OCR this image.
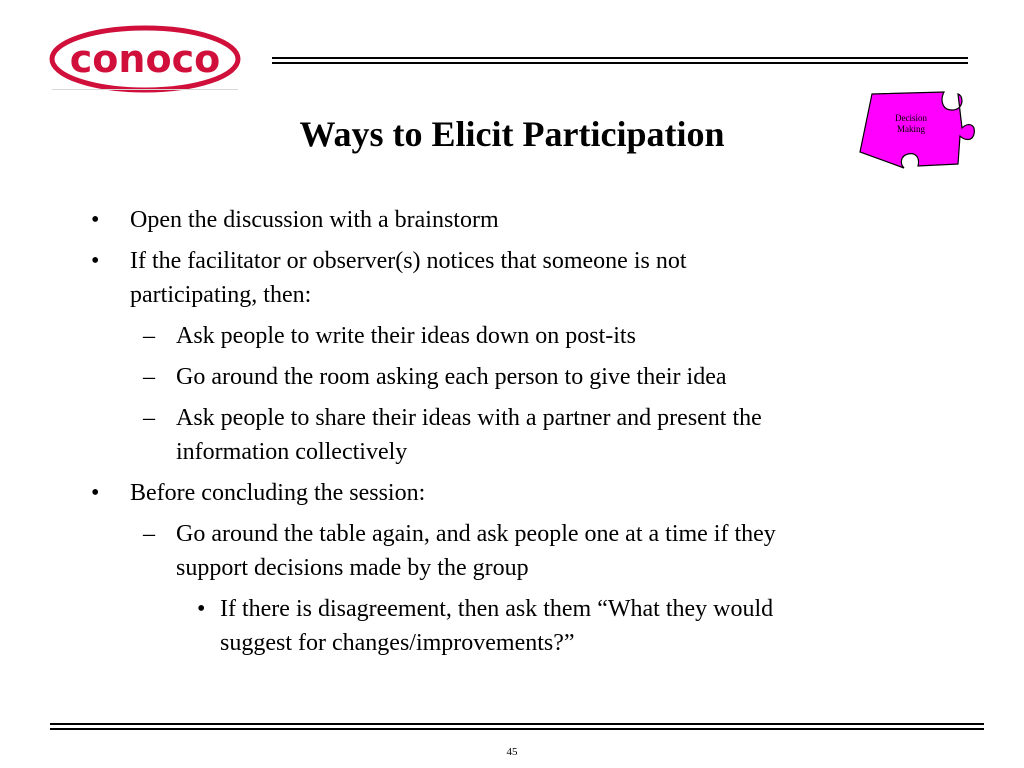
conoco
Ways to Elicit Participation	Decision
Making
• Open the discussion with a brainstorm
• If the facilitator or observer(s) notices that someone is not
participating, then:
– Ask people to write their ideas down on post-its
– Go around the room asking each person to give their idea
– Ask people to share their ideas with a partner and present the
information collectively
• Before concluding the session:
– Go around the table again, and ask people one at a time if they
support decisions made by the group
• If there is disagreement, then ask them “What they would
suggest for changes/improvements?”
45
